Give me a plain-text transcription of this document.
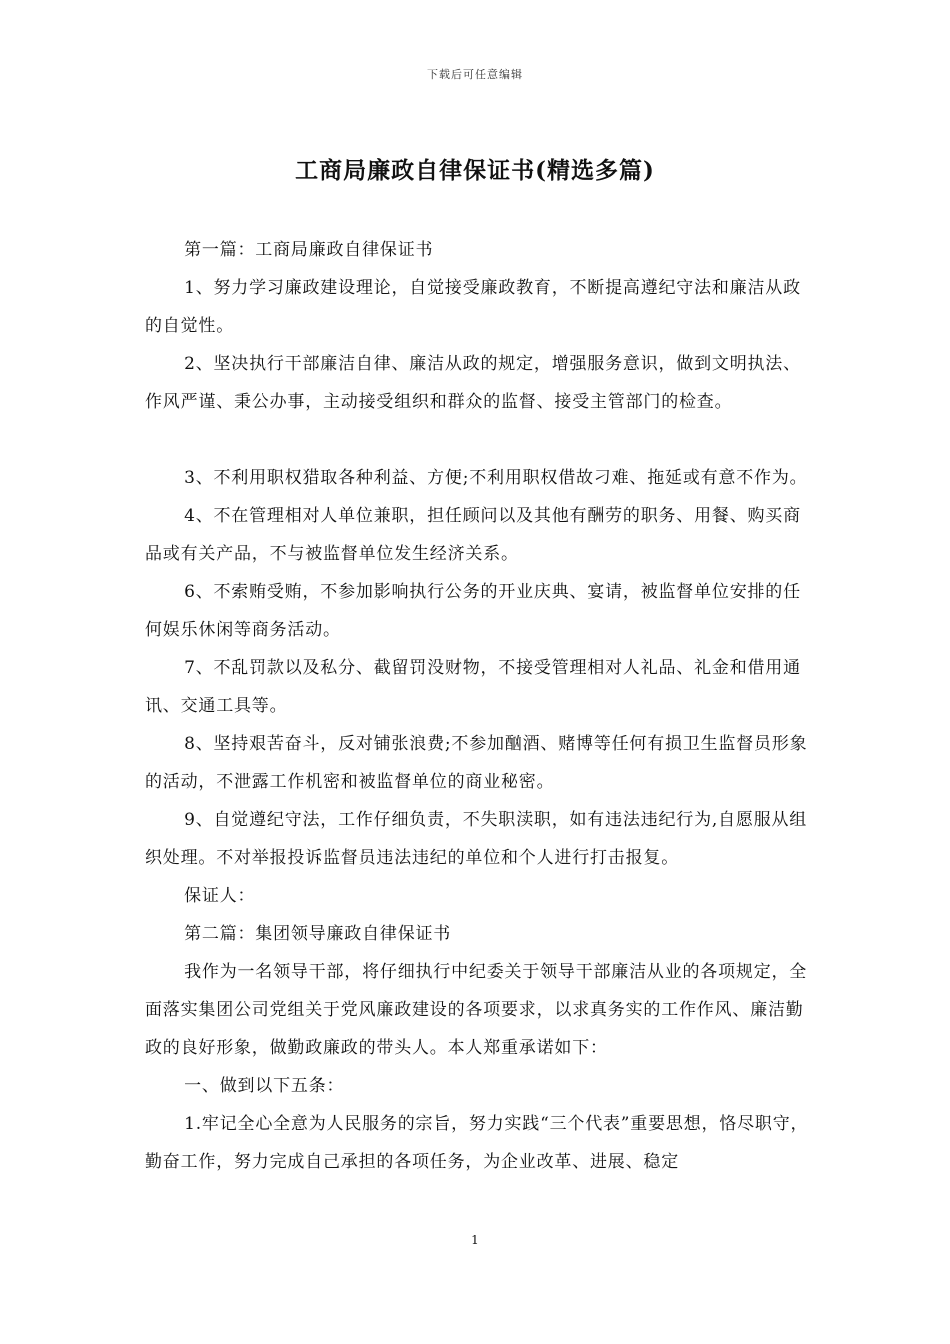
下载后可任意编辑
工商局廉政自律保证书(精选多篇)

第一篇：工商局廉政自律保证书

1、努力学习廉政建设理论，自觉接受廉政教育，不断提高遵纪守法和廉洁从政的自觉性。

2、坚决执行干部廉洁自律、廉洁从政的规定，增强服务意识，做到文明执法、作风严谨、秉公办事，主动接受组织和群众的监督、接受主管部门的检查。

3、不利用职权猎取各种利益、方便;不利用职权借故刁难、拖延或有意不作为。

4、不在管理相对人单位兼职，担任顾问以及其他有酬劳的职务、用餐、购买商品或有关产品，不与被监督单位发生经济关系。

6、不索贿受贿，不参加影响执行公务的开业庆典、宴请，被监督单位安排的任何娱乐休闲等商务活动。

7、不乱罚款以及私分、截留罚没财物，不接受管理相对人礼品、礼金和借用通讯、交通工具等。

8、坚持艰苦奋斗，反对铺张浪费;不参加酗酒、赌博等任何有损卫生监督员形象的活动，不泄露工作机密和被监督单位的商业秘密。

9、自觉遵纪守法，工作仔细负责，不失职渎职，如有违法违纪行为,自愿服从组织处理。不对举报投诉监督员违法违纪的单位和个人进行打击报复。

保证人：

第二篇：集团领导廉政自律保证书

我作为一名领导干部，将仔细执行中纪委关于领导干部廉洁从业的各项规定，全面落实集团公司党组关于党风廉政建设的各项要求，以求真务实的工作作风、廉洁勤政的良好形象，做勤政廉政的带头人。本人郑重承诺如下：

一、做到以下五条：

1.牢记全心全意为人民服务的宗旨，努力实践“三个代表”重要思想，恪尽职守，勤奋工作，努力完成自己承担的各项任务，为企业改革、进展、稳定

1
